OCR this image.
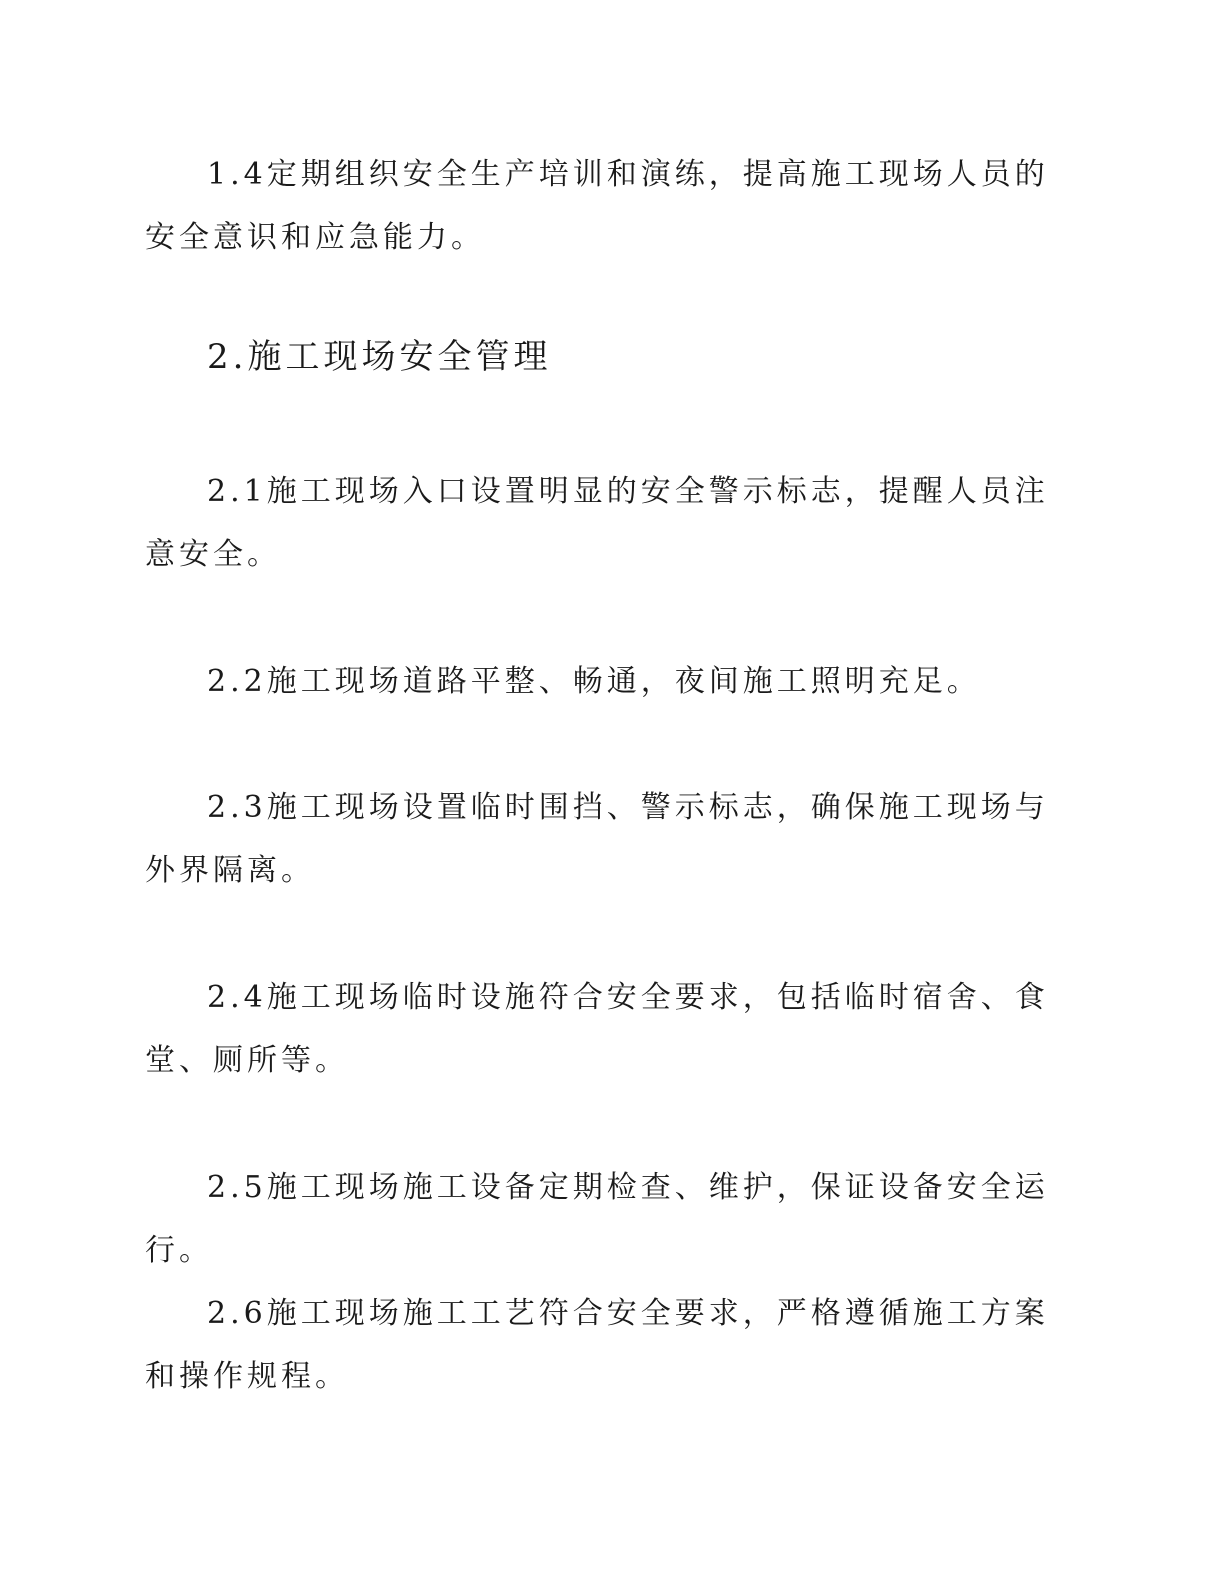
1.4定期组织安全生产培训和演练，提高施工现场人员的安全意识和应急能力。

2.施工现场安全管理

2.1施工现场入口设置明显的安全警示标志，提醒人员注意安全。

2.2施工现场道路平整、畅通，夜间施工照明充足。

2.3施工现场设置临时围挡、警示标志，确保施工现场与外界隔离。

2.4施工现场临时设施符合安全要求，包括临时宿舍、食堂、厕所等。

2.5施工现场施工设备定期检查、维护，保证设备安全运行。

2.6施工现场施工工艺符合安全要求，严格遵循施工方案和操作规程。
